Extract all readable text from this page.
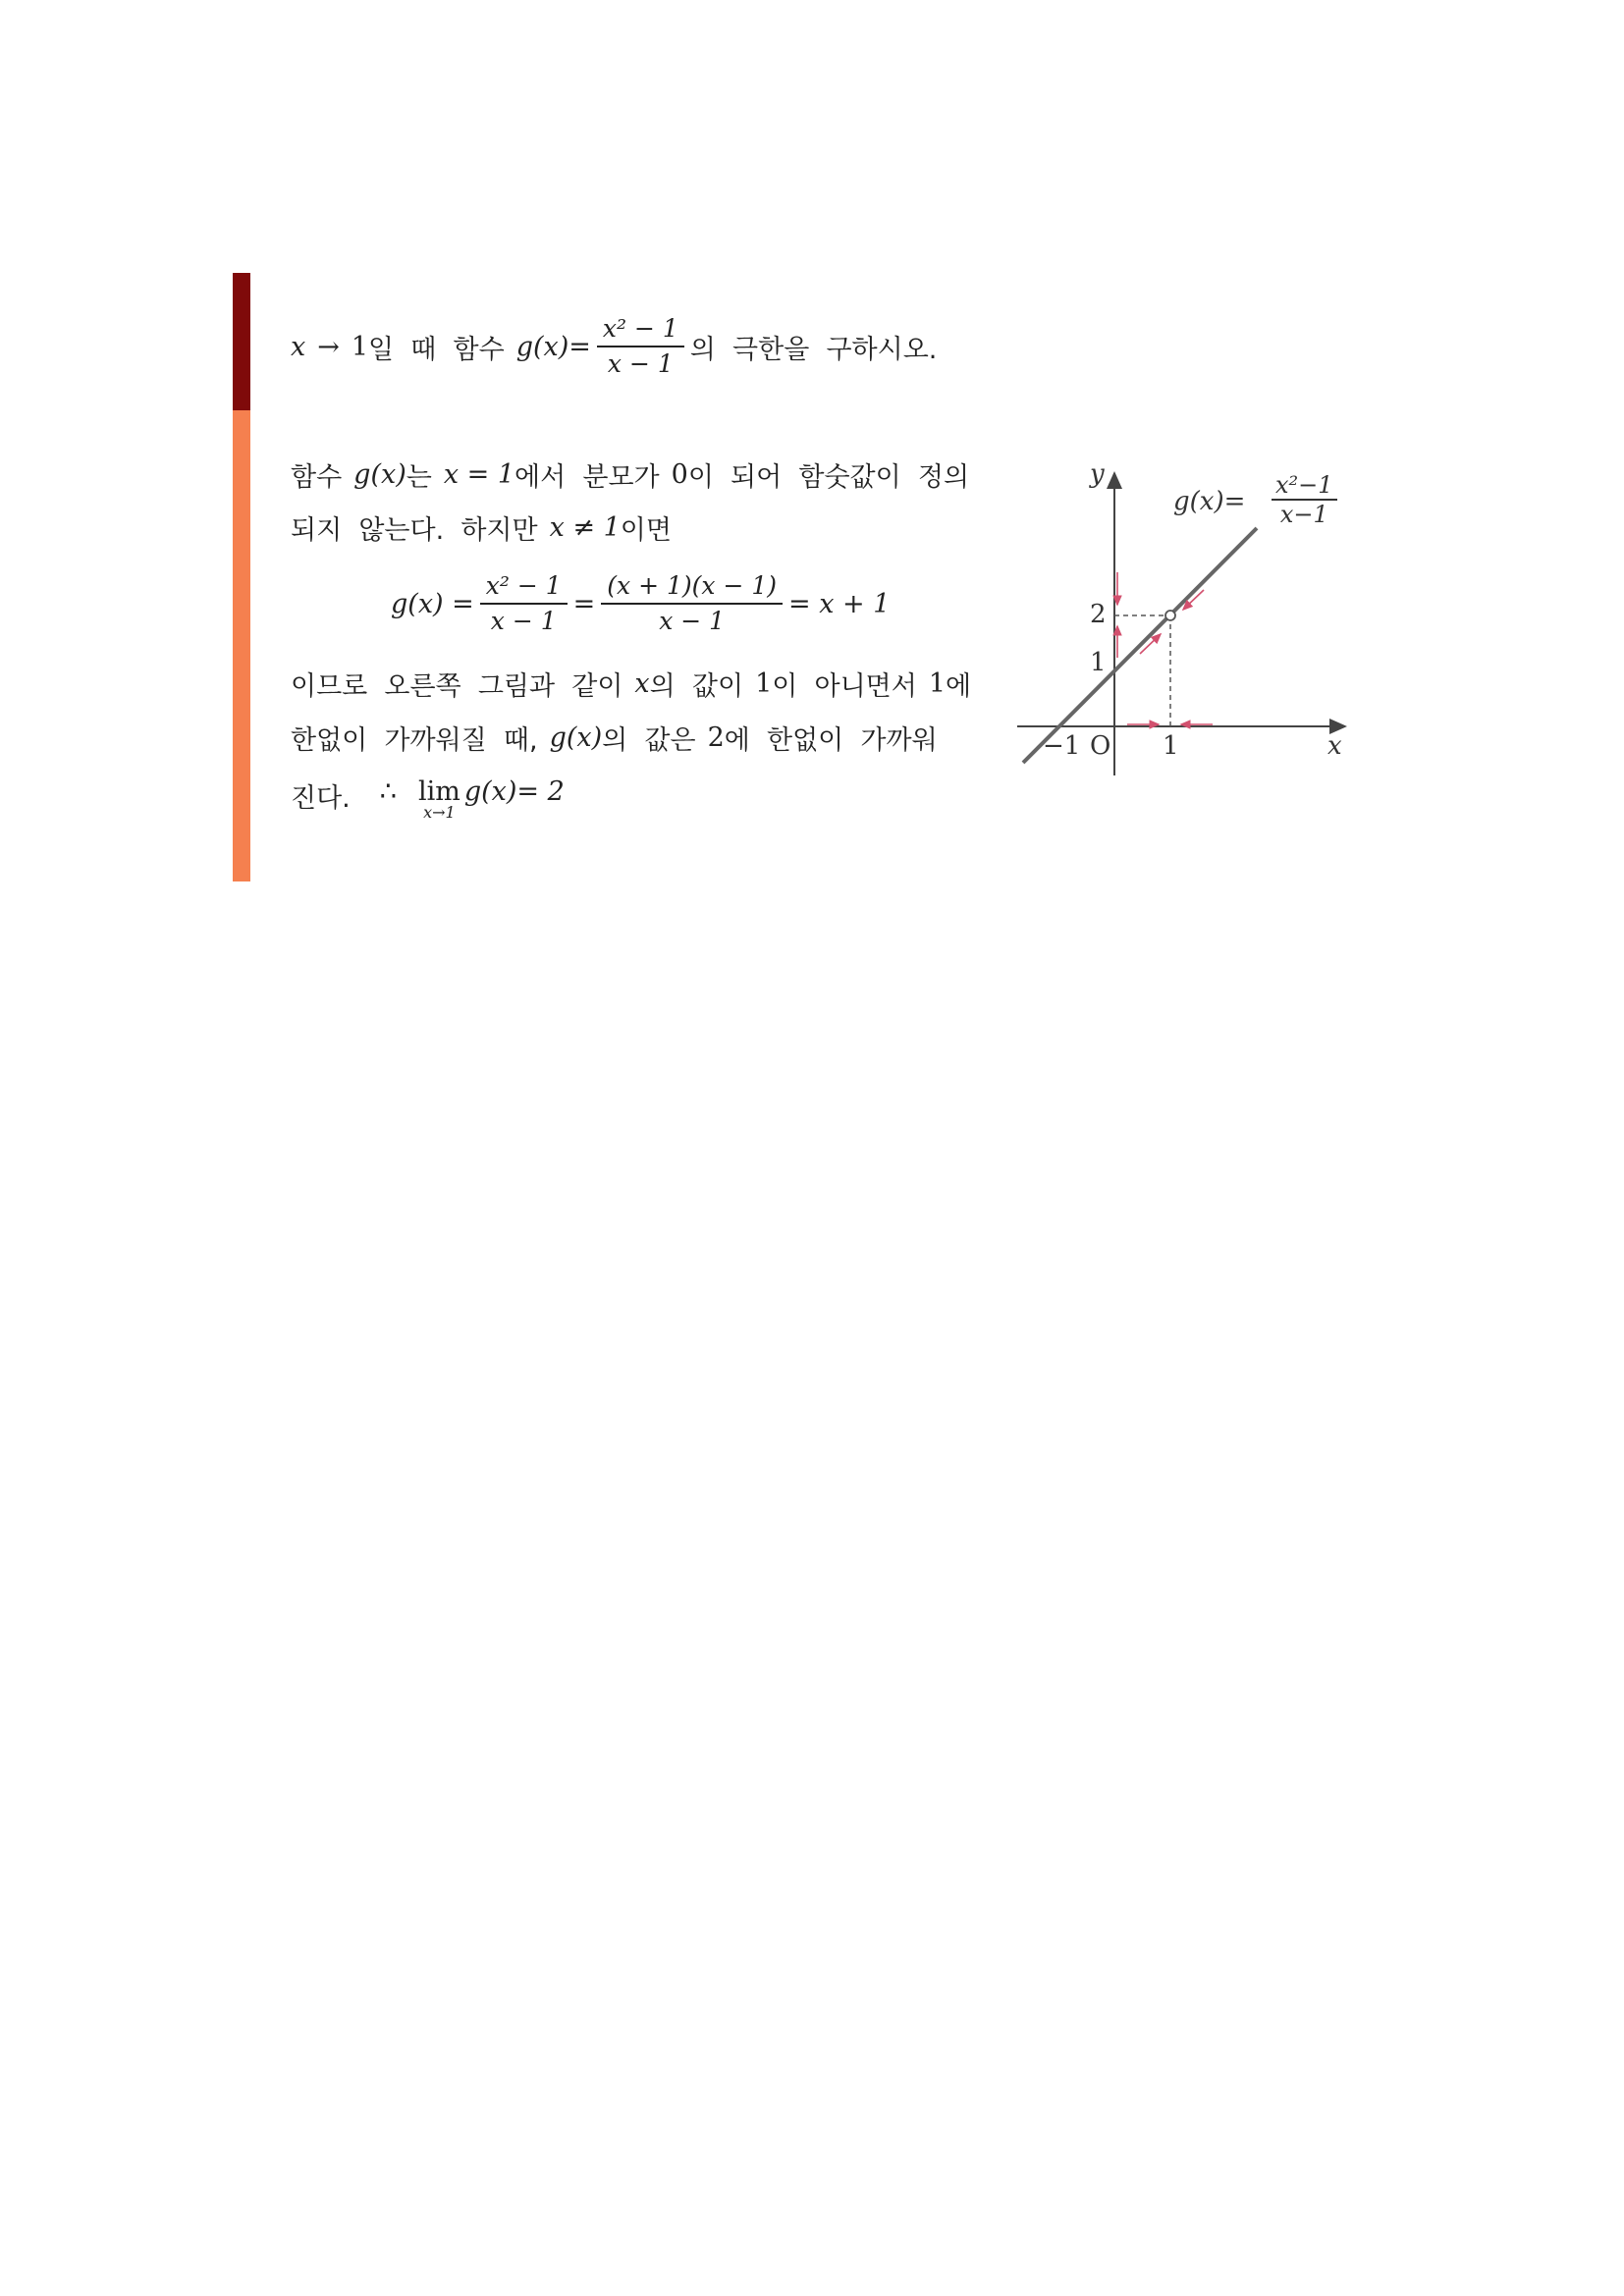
x → 1 일  때  함수 $g(x)= \frac{\text{x² − 1}}{x - 1}$ 의  극한을  구하시오.
함수 g(x) 는 x = 1 에서  분모가 0 이  되어  함숫값이  정의
되지  않는다.  하지만 x ≠ 1 이면
$g(x) = \frac{\text{x² − 1}}{x - 1} = \frac{(x + 1)(x - 1)}{x - 1} = x + 1$
이므로  오른쪽  그림과  같이 x 의  값이 1 이  아니면서 1 에
한없이  가까워질  때, g(x) 의  값은 2 에  한없이  가까워
진다. ∴ lim
x→1
g(x)= 2
y
x
$g(x)= \frac{\text{x²−1}}{x-1}$
2
1
−1 O 1
